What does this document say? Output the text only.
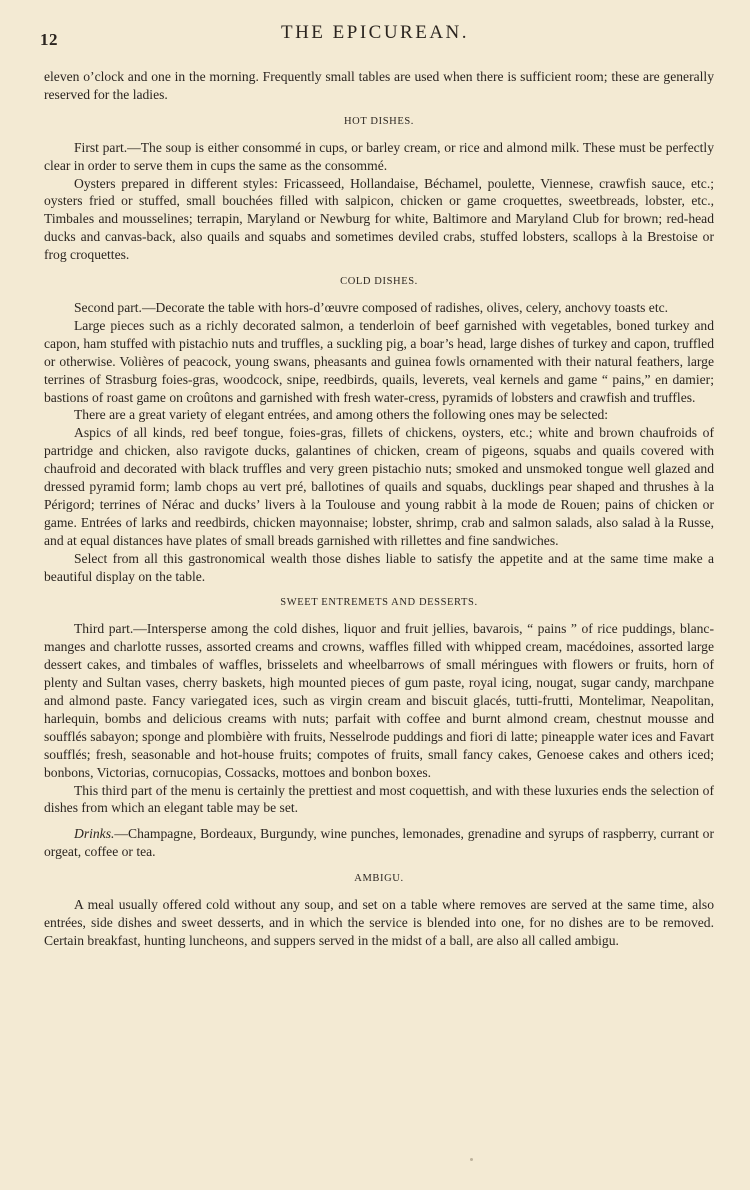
12	THE EPICUREAN.

eleven o’clock and one in the morning. Frequently small tables are used when there is sufficient room; these are generally reserved for the ladies.

HOT DISHES.

First part.—The soup is either consommé in cups, or barley cream, or rice and almond milk. These must be perfectly clear in order to serve them in cups the same as the consommé.

Oysters prepared in different styles: Fricasseed, Hollandaise, Béchamel, poulette, Viennese, crawfish sauce, etc.; oysters fried or stuffed, small bouchées filled with salpicon, chicken or game croquettes, sweetbreads, lobster, etc., Timbales and mousselines; terrapin, Maryland or Newburg for white, Baltimore and Maryland Club for brown; red-head ducks and canvas-back, also quails and squabs and sometimes deviled crabs, stuffed lobsters, scallops à la Brestoise or frog croquettes.

COLD DISHES.

Second part.—Decorate the table with hors-d’œuvre composed of radishes, olives, celery, anchovy toasts etc.

Large pieces such as a richly decorated salmon, a tenderloin of beef garnished with vegetables, boned turkey and capon, ham stuffed with pistachio nuts and truffles, a suckling pig, a boar’s head, large dishes of turkey and capon, truffled or otherwise. Volières of peacock, young swans, pheasants and guinea fowls ornamented with their natural feathers, large terrines of Strasburg foies-gras, woodcock, snipe, reedbirds, quails, leverets, veal kernels and game “ pains,” en damier; bastions of roast game on croûtons and garnished with fresh water-cress, pyramids of lobsters and crawfish and truffles.

There are a great variety of elegant entrées, and among others the following ones may be selected:

Aspics of all kinds, red beef tongue, foies-gras, fillets of chickens, oysters, etc.; white and brown chaufroids of partridge and chicken, also ravigote ducks, galantines of chicken, cream of pigeons, squabs and quails covered with chaufroid and decorated with black truffles and very green pistachio nuts; smoked and unsmoked tongue well glazed and dressed pyramid form; lamb chops au vert pré, ballotines of quails and squabs, ducklings pear shaped and thrushes à la Périgord; terrines of Nérac and ducks’ livers à la Toulouse and young rabbit à la mode de Rouen; pains of chicken or game. Entrées of larks and reedbirds, chicken mayonnaise; lobster, shrimp, crab and salmon salads, also salad à la Russe, and at equal distances have plates of small breads garnished with rillettes and fine sandwiches.

Select from all this gastronomical wealth those dishes liable to satisfy the appetite and at the same time make a beautiful display on the table.

SWEET ENTREMETS AND DESSERTS.

Third part.—Intersperse among the cold dishes, liquor and fruit jellies, bavarois, “ pains ” of rice puddings, blanc-manges and charlotte russes, assorted creams and crowns, waffles filled with whipped cream, macédoines, assorted large dessert cakes, and timbales of waffles, brisselets and wheelbarrows of small méringues with flowers or fruits, horn of plenty and Sultan vases, cherry baskets, high mounted pieces of gum paste, royal icing, nougat, sugar candy, marchpane and almond paste. Fancy variegated ices, such as virgin cream and biscuit glacés, tutti-frutti, Montelimar, Neapolitan, harlequin, bombs and delicious creams with nuts; parfait with coffee and burnt almond cream, chestnut mousse and soufflés sabayon; sponge and plombière with fruits, Nesselrode puddings and fiori di latte; pineapple water ices and Favart soufflés; fresh, seasonable and hot-house fruits; compotes of fruits, small fancy cakes, Genoese cakes and others iced; bonbons, Victorias, cornucopias, Cossacks, mottoes and bonbon boxes.

This third part of the menu is certainly the prettiest and most coquettish, and with these luxuries ends the selection of dishes from which an elegant table may be set.

Drinks.—Champagne, Bordeaux, Burgundy, wine punches, lemonades, grenadine and syrups of raspberry, currant or orgeat, coffee or tea.

AMBIGU.

A meal usually offered cold without any soup, and set on a table where removes are served at the same time, also entrées, side dishes and sweet desserts, and in which the service is blended into one, for no dishes are to be removed. Certain breakfast, hunting luncheons, and suppers served in the midst of a ball, are also all called ambigu.
